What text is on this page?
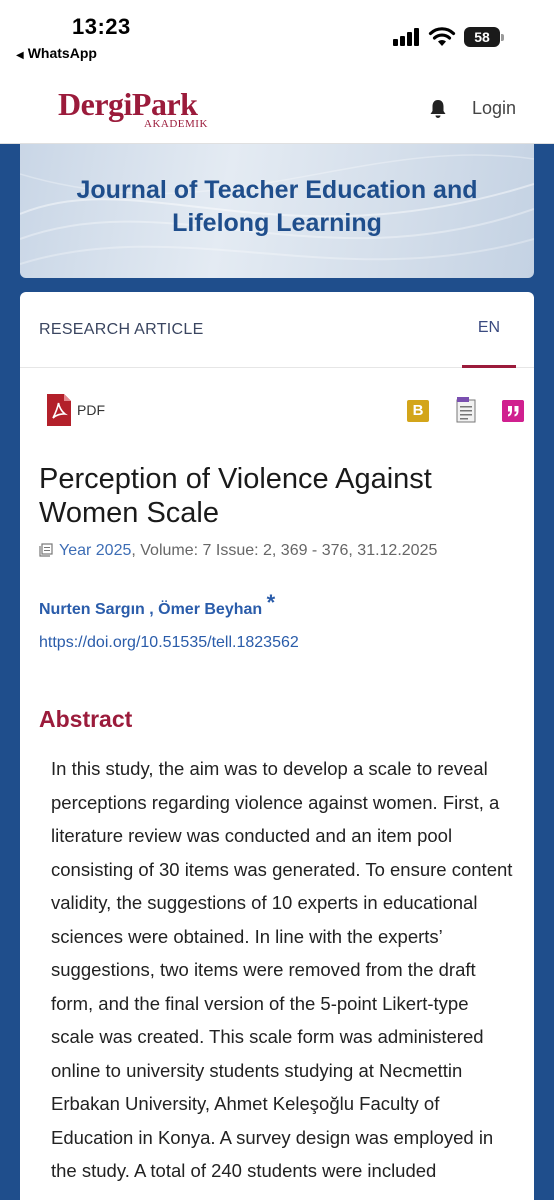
13:23
◀ WhatsApp
58
DergiPark
AKADEMIK
Login
Journal of Teacher Education and
Lifelong Learning
RESEARCH ARTICLE	EN
PDF	B
Perception of Violence Against Women Scale
Year 2025, Volume: 7 Issue: 2, 369 - 376, 31.12.2025
Nurten Sargın , Ömer Beyhan *
https://doi.org/10.51535/tell.1823562
Abstract
In this study, the aim was to develop a scale to reveal perceptions regarding violence against women. First, a literature review was conducted and an item pool consisting of 30 items was generated. To ensure content validity, the suggestions of 10 experts in educational sciences were obtained. In line with the experts’ suggestions, two items were removed from the draft form, and the final version of the 5-point Likert-type scale was created. This scale form was administered online to university students studying at Necmettin Erbakan University, Ahmet Keleşoğlu Faculty of Education in Konya. A survey design was employed in the study. A total of 240 students were included
